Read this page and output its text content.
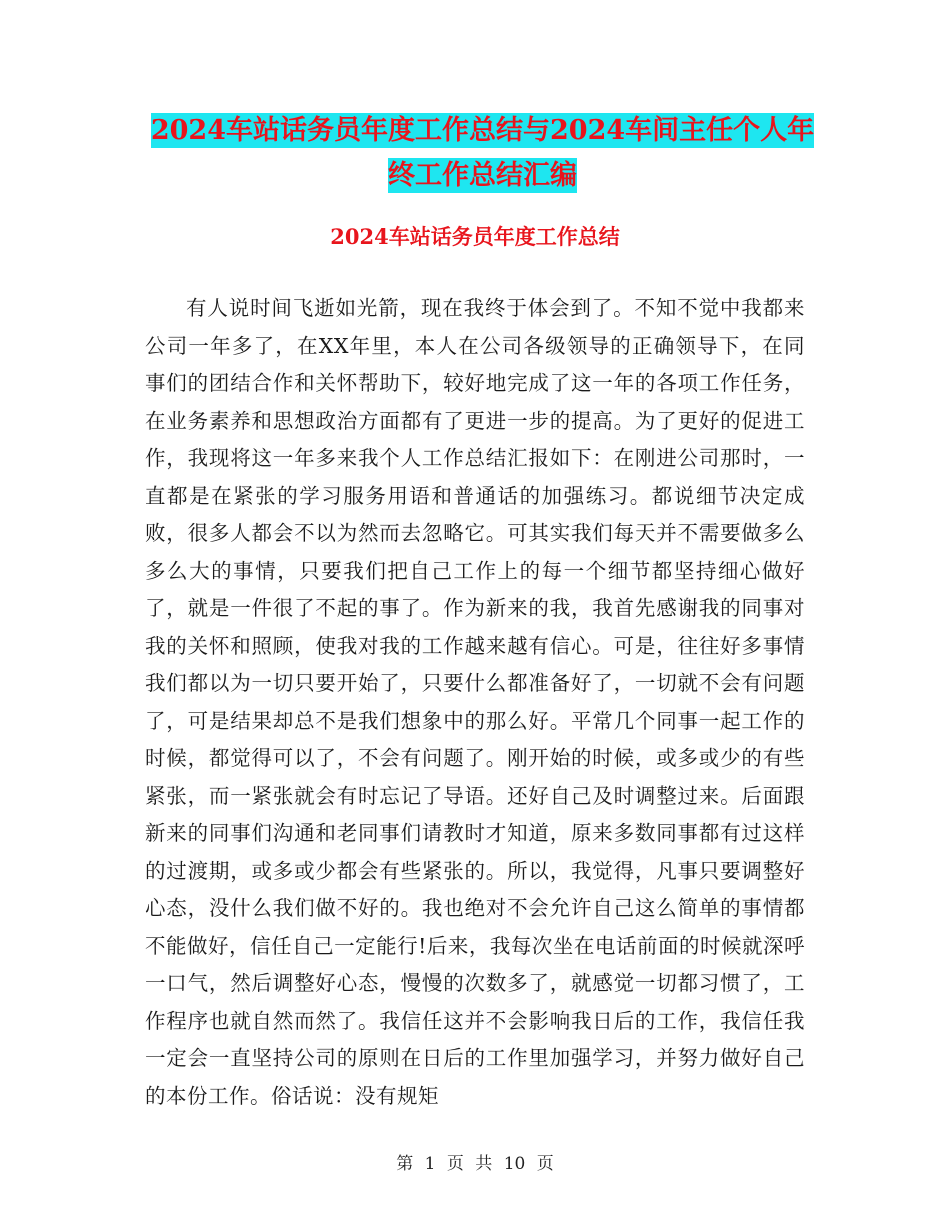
2024车站话务员年度工作总结与2024车间主任个人年终工作总结汇编
2024车站话务员年度工作总结

有人说时间飞逝如光箭，现在我终于体会到了。不知不觉中我都来公司一年多了，在XX年里，本人在公司各级领导的正确领导下，在同事们的团结合作和关怀帮助下，较好地完成了这一年的各项工作任务，在业务素养和思想政治方面都有了更进一步的提高。为了更好的促进工作，我现将这一年多来我个人工作总结汇报如下：在刚进公司那时，一直都是在紧张的学习服务用语和普通话的加强练习。都说细节决定成败，很多人都会不以为然而去忽略它。可其实我们每天并不需要做多么多么大的事情，只要我们把自己工作上的每一个细节都坚持细心做好了，就是一件很了不起的事了。作为新来的我，我首先感谢我的同事对我的关怀和照顾，使我对我的工作越来越有信心。可是，往往好多事情我们都以为一切只要开始了，只要什么都准备好了，一切就不会有问题了，可是结果却总不是我们想象中的那么好。平常几个同事一起工作的时候，都觉得可以了，不会有问题了。刚开始的时候，或多或少的有些紧张，而一紧张就会有时忘记了导语。还好自己及时调整过来。后面跟新来的同事们沟通和老同事们请教时才知道，原来多数同事都有过这样的过渡期，或多或少都会有些紧张的。所以，我觉得，凡事只要调整好心态，没什么我们做不好的。我也绝对不会允许自己这么简单的事情都不能做好，信任自己一定能行!后来，我每次坐在电话前面的时候就深呼一口气，然后调整好心态，慢慢的次数多了，就感觉一切都习惯了，工作程序也就自然而然了。我信任这并不会影响我日后的工作，我信任我一定会一直坚持公司的原则在日后的工作里加强学习，并努力做好自己的本份工作。俗话说：没有规矩

第 1 页 共 10 页
